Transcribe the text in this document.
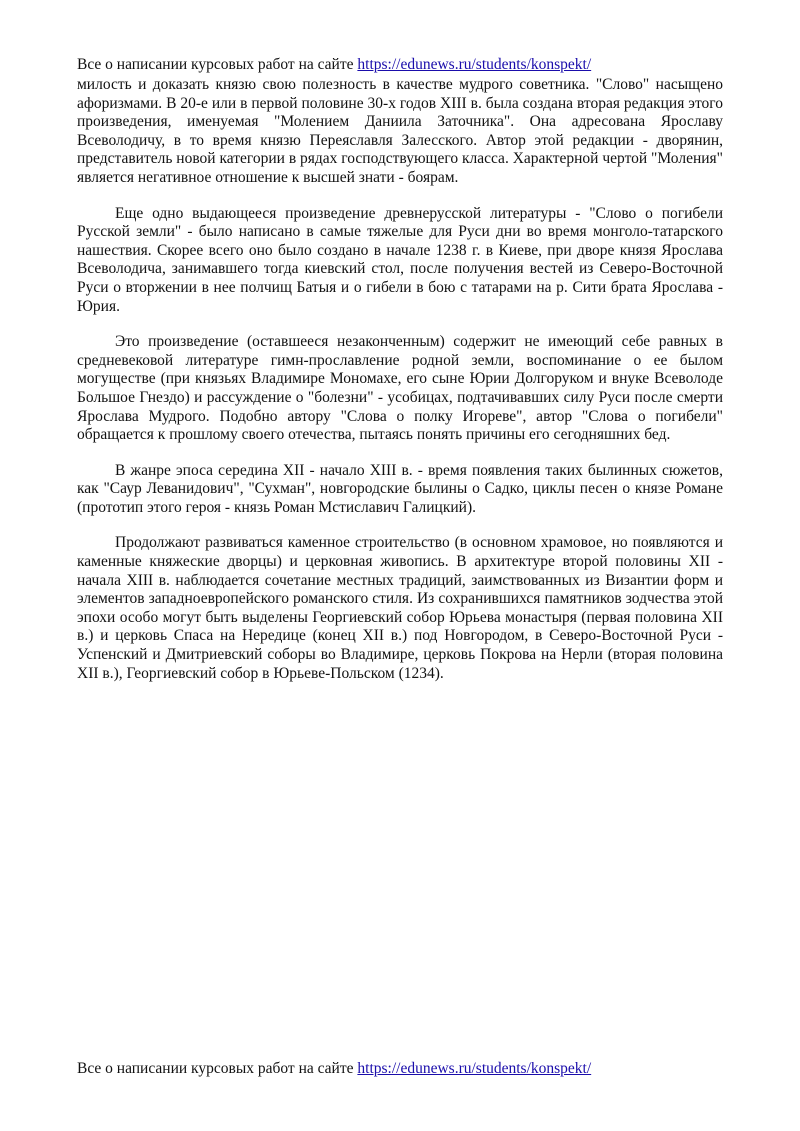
Все о написании курсовых работ на сайте https://edunews.ru/students/konspekt/

милость и доказать князю свою полезность в качестве мудрого советника. "Слово" насыщено афоризмами. В 20-е или в первой половине 30-х годов XIII в. была создана вторая редакция этого произведения, именуемая "Молением Даниила Заточника". Она адресована Ярославу Всеволодичу, в то время князю Переяславля Залесского. Автор этой редакции - дворянин, представитель новой категории в рядах господствующего класса. Характерной чертой "Моления" является негативное отношение к высшей знати - боярам.

Еще одно выдающееся произведение древнерусской литературы - "Слово о погибели Русской земли" - было написано в самые тяжелые для Руси дни во время монголо-татарского нашествия. Скорее всего оно было создано в начале 1238 г. в Киеве, при дворе князя Ярослава Всеволодича, занимавшего тогда киевский стол, после получения вестей из Северо-Восточной Руси о вторжении в нее полчищ Батыя и о гибели в бою с татарами на р. Сити брата Ярослава - Юрия.

Это произведение (оставшееся незаконченным) содержит не имеющий себе равных в средневековой литературе гимн-прославление родной земли, воспоминание о ее былом могуществе (при князьях Владимире Мономахе, его сыне Юрии Долгоруком и внуке Всеволоде Большое Гнездо) и рассуждение о "болезни" - усобицах, подтачивавших силу Руси после смерти Ярослава Мудрого. Подобно автору "Слова о полку Игореве", автор "Слова о погибели" обращается к прошлому своего отечества, пытаясь понять причины его сегодняшних бед.

В жанре эпоса середина XII - начало XIII в. - время появления таких былинных сюжетов, как "Саур Леванидович", "Сухман", новгородские былины о Садко, циклы песен о князе Романе (прототип этого героя - князь Роман Мстиславич Галицкий).

Продолжают развиваться каменное строительство (в основном храмовое, но появляются и каменные княжеские дворцы) и церковная живопись. В архитектуре второй половины XII - начала XIII в. наблюдается сочетание местных традиций, заимствованных из Византии форм и элементов западноевропейского романского стиля. Из сохранившихся памятников зодчества этой эпохи особо могут быть выделены Георгиевский собор Юрьева монастыря (первая половина XII в.) и церковь Спаса на Нередице (конец XII в.) под Новгородом, в Северо-Восточной Руси - Успенский и Дмитриевский соборы во Владимире, церковь Покрова на Нерли (вторая половина XII в.), Георгиевский собор в Юрьеве-Польском (1234).

Все о написании курсовых работ на сайте https://edunews.ru/students/konspekt/
